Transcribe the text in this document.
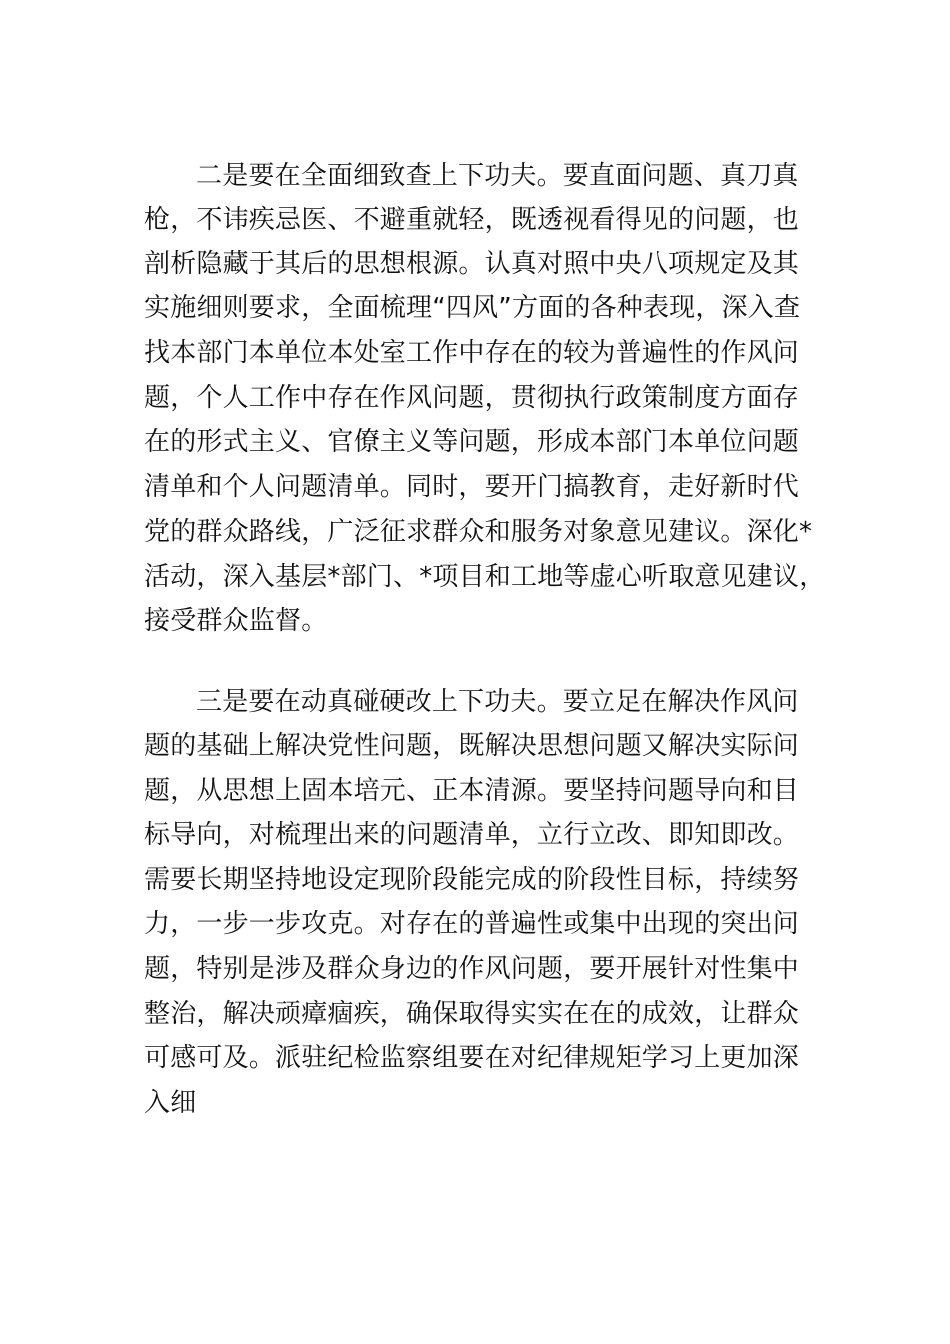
二是要在全面细致查上下功夫。要直面问题、真刀真

枪，不讳疾忌医、不避重就轻，既透视看得见的问题，也

剖析隐藏于其后的思想根源。认真对照中央八项规定及其

实施细则要求，全面梳理“四风”方面的各种表现，深入查

找本部门本单位本处室工作中存在的较为普遍性的作风问

题，个人工作中存在作风问题，贯彻执行政策制度方面存

在的形式主义、官僚主义等问题，形成本部门本单位问题

清单和个人问题清单。同时，要开门搞教育，走好新时代

党的群众路线，广泛征求群众和服务对象意见建议。深化*

活动，深入基层*部门、*项目和工地等虚心听取意见建议，

接受群众监督。

三是要在动真碰硬改上下功夫。要立足在解决作风问

题的基础上解决党性问题，既解决思想问题又解决实际问

题，从思想上固本培元、正本清源。要坚持问题导向和目

标导向，对梳理出来的问题清单，立行立改、即知即改。

需要长期坚持地设定现阶段能完成的阶段性目标，持续努

力，一步一步攻克。对存在的普遍性或集中出现的突出问

题，特别是涉及群众身边的作风问题，要开展针对性集中

整治，解决顽瘴痼疾，确保取得实实在在的成效，让群众

可感可及。派驻纪检监察组要在对纪律规矩学习上更加深

入细
